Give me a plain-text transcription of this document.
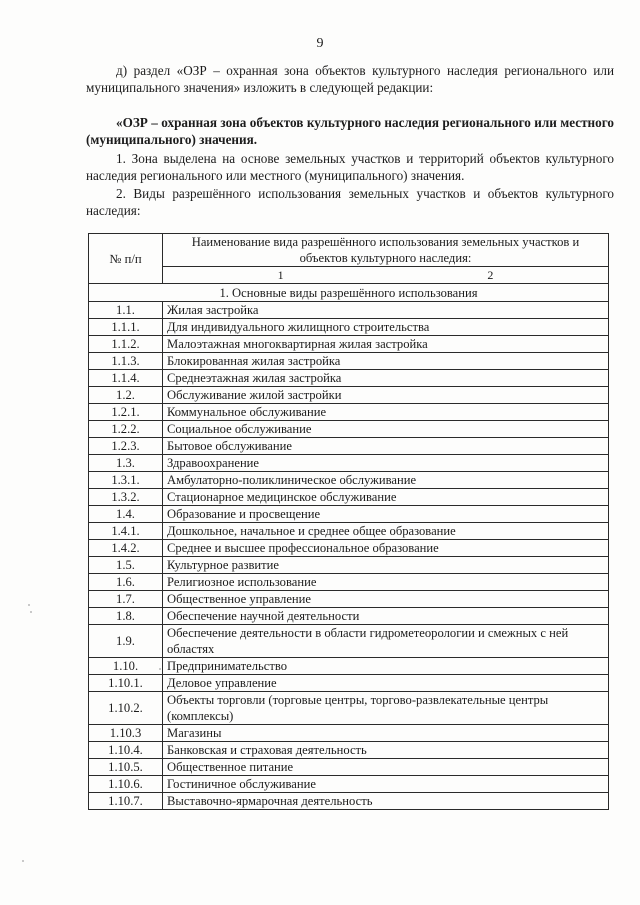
9

д) раздел «ОЗР – охранная зона объектов культурного наследия регионального или муниципального значения» изложить в следующей редакции:

«ОЗР – охранная зона объектов культурного наследия регионального или местного (муниципального) значения.

1. Зона выделена на основе земельных участков и территорий объектов культурного наследия регионального или местного (муниципального) значения.

2. Виды разрешённого использования земельных участков и объектов культурного наследия:

№ п/п	Наименование вида разрешённого использования земельных участков и объектов культурного наследия:
	1 2
1. Основные виды разрешённого использования	
1.1.	Жилая застройка
1.1.1.	Для индивидуального жилищного строительства
1.1.2.	Малоэтажная многоквартирная жилая застройка
1.1.3.	Блокированная жилая застройка
1.1.4.	Среднеэтажная жилая застройка
1.2.	Обслуживание жилой застройки
1.2.1.	Коммунальное обслуживание
1.2.2.	Социальное обслуживание
1.2.3.	Бытовое обслуживание
1.3.	Здравоохранение
1.3.1.	Амбулаторно-поликлиническое обслуживание
1.3.2.	Стационарное медицинское обслуживание
1.4.	Образование и просвещение
1.4.1.	Дошкольное, начальное и среднее общее образование
1.4.2.	Среднее и высшее профессиональное образование
1.5.	Культурное развитие
1.6.	Религиозное использование
1.7.	Общественное управление
1.8.	Обеспечение научной деятельности
1.9.	Обеспечение деятельности в области гидрометеорологии и смежных с ней областях
1.10.	Предпринимательство
1.10.1.	Деловое управление
1.10.2.	Объекты торговли (торговые центры, торгово-развлекательные центры (комплексы)
1.10.3	Магазины
1.10.4.	Банковская и страховая деятельность
1.10.5.	Общественное питание
1.10.6.	Гостиничное обслуживание
1.10.7.	Выставочно-ярмарочная деятельность
